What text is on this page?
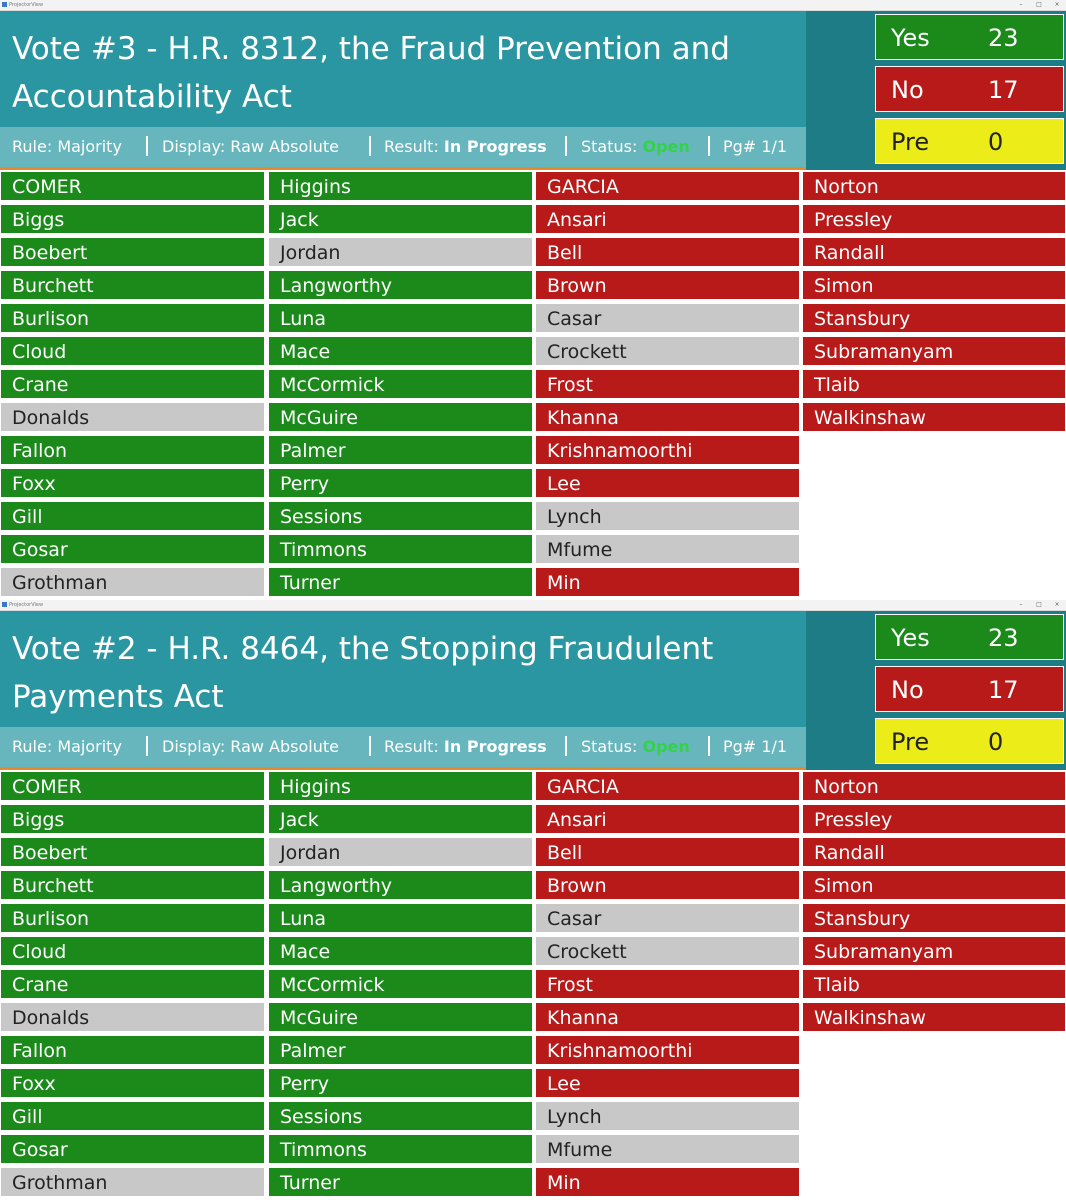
ProjectorView	–	□	×
Vote #3 - H.R. 8312, the Fraud Prevention and Accountability Act
Rule: Majority	Display: Raw Absolute	Result: In Progress Status: Open Pg# 1/1
Yes 23
No	17
Pre 0
COMER
Biggs
Boebert
Burchett
Burlison
Cloud
Crane
Donalds
Fallon
Foxx
Gill
Gosar
Grothman
Higgins
Jack
Jordan
Langworthy
Luna
Mace
McCormick
McGuire
Palmer
Perry
Sessions
Timmons
Turner
GARCIA
Ansari
Bell
Brown
Casar
Crockett
Frost
Khanna
Krishnamoorthi
Lee
Lynch
Mfume
Min
Norton
Pressley
Randall
Simon
Stansbury
Subramanyam
Tlaib
Walkinshaw
ProjectorView	–	□	×
Vote #2 - H.R. 8464, the Stopping Fraudulent Payments Act
Rule: Majority	Display: Raw Absolute	Result: In Progress Status: Open Pg# 1/1
Yes 23
No	17
Pre 0
COMER
Biggs
Boebert
Burchett
Burlison
Cloud
Crane
Donalds
Fallon
Foxx
Gill
Gosar
Grothman
Higgins
Jack
Jordan
Langworthy
Luna
Mace
McCormick
McGuire
Palmer
Perry
Sessions
Timmons
Turner
GARCIA
Ansari
Bell
Brown
Casar
Crockett
Frost
Khanna
Krishnamoorthi
Lee
Lynch
Mfume
Min
Norton
Pressley
Randall
Simon
Stansbury
Subramanyam
Tlaib
Walkinshaw
